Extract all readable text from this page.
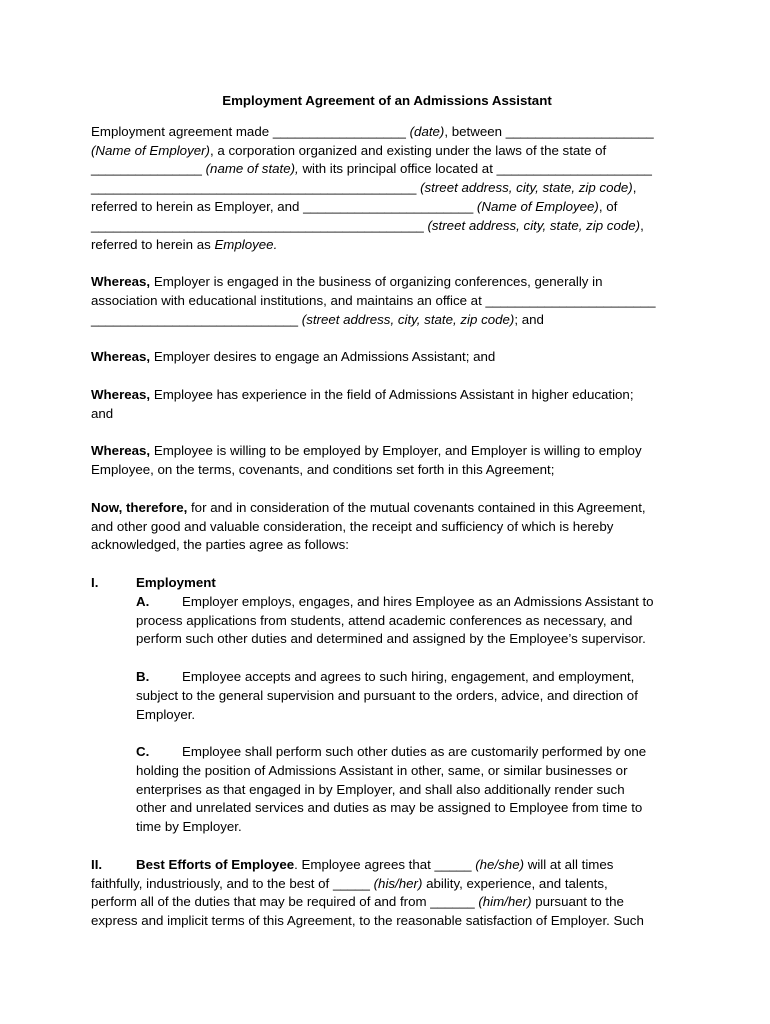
Employment Agreement of an Admissions Assistant
Employment agreement made __________________ (date), between ____________________
(Name of Employer), a corporation organized and existing under the laws of the state of
_______________ (name of state), with its principal office located at _____________________
____________________________________________ (street address, city, state, zip code),
referred to herein as Employer, and _______________________ (Name of Employee), of
_____________________________________________ (street address, city, state, zip code),
referred to herein as Employee.
Whereas, Employer is engaged in the business of organizing conferences, generally in
association with educational institutions, and maintains an office at _______________________
____________________________ (street address, city, state, zip code); and
Whereas, Employer desires to engage an Admissions Assistant; and
Whereas, Employee has experience in the field of Admissions Assistant in higher education;
and
Whereas, Employee is willing to be employed by Employer, and Employer is willing to employ
Employee, on the terms, covenants, and conditions set forth in this Agreement;
Now, therefore, for and in consideration of the mutual covenants contained in this Agreement,
and other good and valuable consideration, the receipt and sufficiency of which is hereby
acknowledged, the parties agree as follows:
I.	Employment
A. Employer employs, engages, and hires Employee as an Admissions Assistant to
process applications from students, attend academic conferences as necessary, and
perform such other duties and determined and assigned by the Employee’s supervisor.
B. Employee accepts and agrees to such hiring, engagement, and employment,
subject to the general supervision and pursuant to the orders, advice, and direction of
Employer.
C. Employee shall perform such other duties as are customarily performed by one
holding the position of Admissions Assistant in other, same, or similar businesses or
enterprises as that engaged in by Employer, and shall also additionally render such
other and unrelated services and duties as may be assigned to Employee from time to
time by Employer.
II.	Best Efforts of Employee. Employee agrees that _____ (he/she) will at all times
faithfully, industriously, and to the best of _____ (his/her) ability, experience, and talents,
perform all of the duties that may be required of and from ______ (him/her) pursuant to the
express and implicit terms of this Agreement, to the reasonable satisfaction of Employer. Such
